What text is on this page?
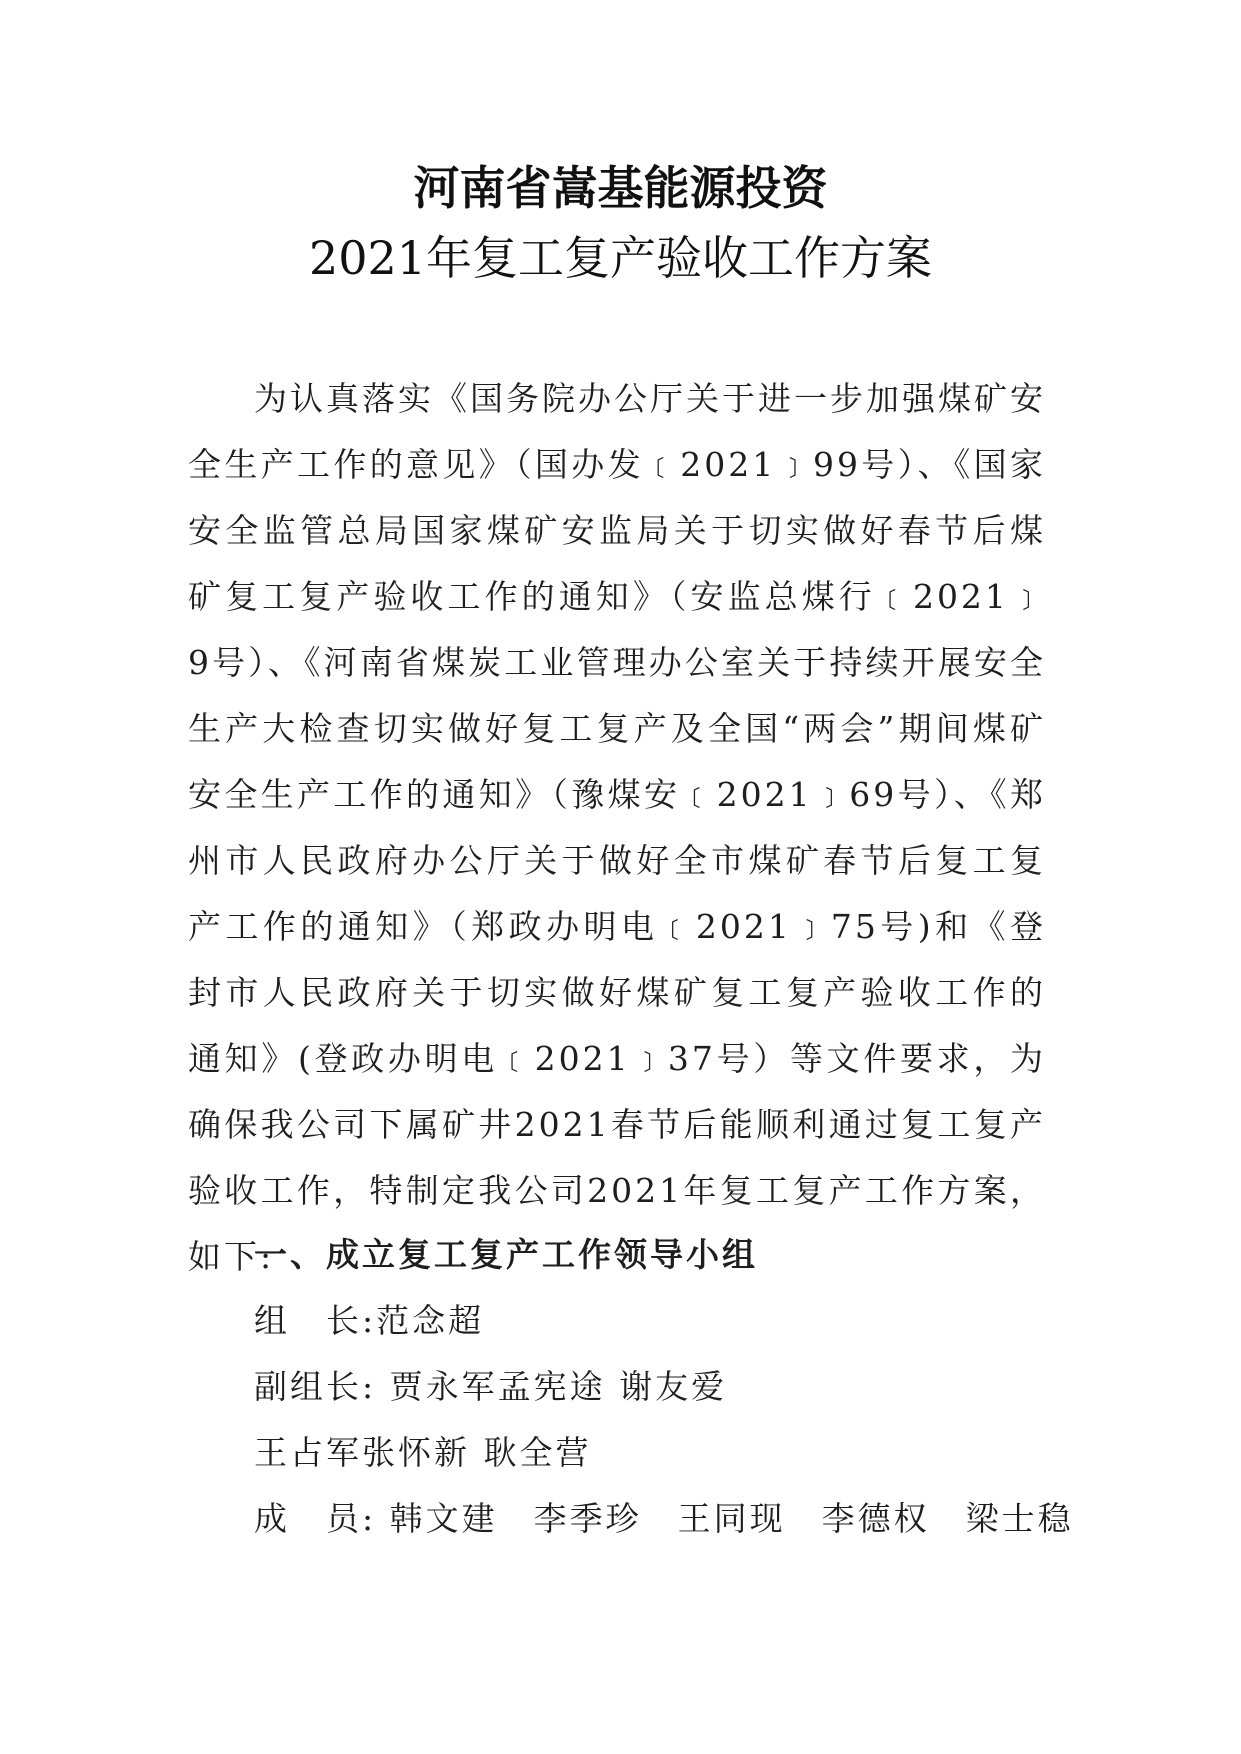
河南省嵩基能源投资
2021年复工复产验收工作方案
为认真落实《国务院办公厅关于进一步加强煤矿安全生产工作的意见》（国办发﹝2021﹞99号）、《国家安全监管总局国家煤矿安监局关于切实做好春节后煤矿复工复产验收工作的通知》（安监总煤行﹝2021﹞9号）、《河南省煤炭工业管理办公室关于持续开展安全生产大检查切实做好复工复产及全国“两会”期间煤矿安全生产工作的通知》（豫煤安﹝2021﹞69号）、《郑州市人民政府办公厅关于做好全市煤矿春节后复工复产工作的通知》（郑政办明电﹝2021﹞75号)和《登封市人民政府关于切实做好煤矿复工复产验收工作的通知》(登政办明电﹝2021﹞37号）等文件要求，为确保我公司下属矿井2021春节后能顺利通过复工复产验收工作，特制定我公司2021年复工复产工作方案，如下:
一、成立复工复产工作领导小组
组　长:范念超
副组长: 贾永军孟宪途 谢友爱
王占军张怀新 耿全营
成　员: 韩文建　李季珍　王同现　李德权　梁士稳
